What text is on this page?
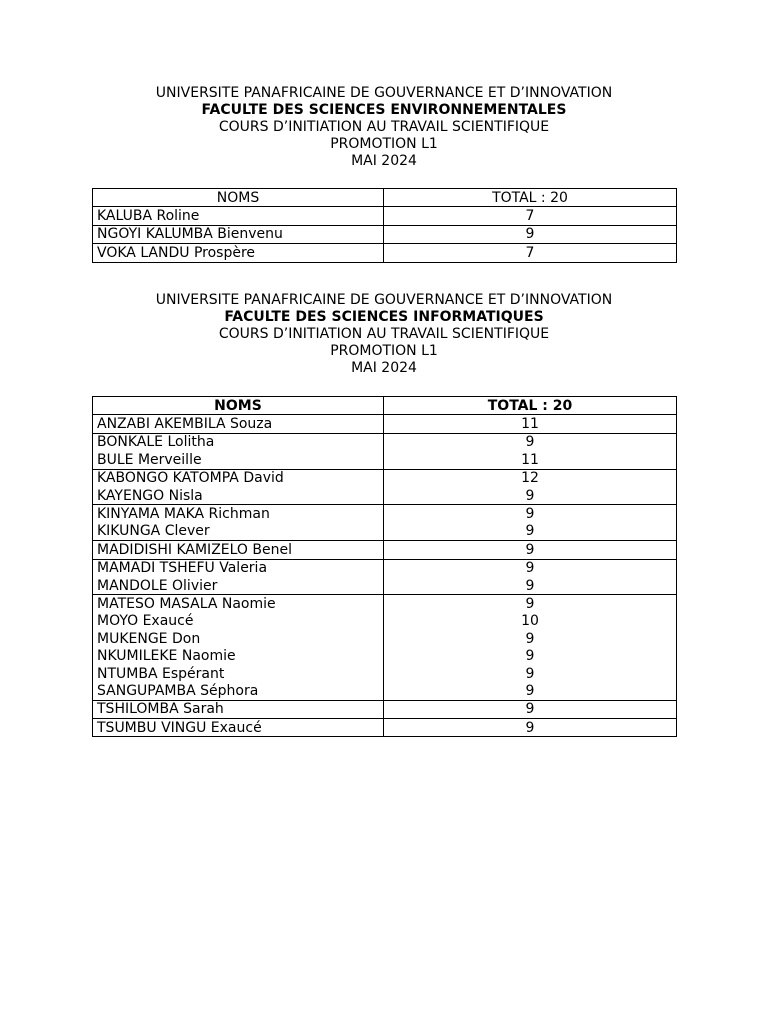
UNIVERSITE PANAFRICAINE DE GOUVERNANCE ET D’INNOVATION
FACULTE DES SCIENCES ENVIRONNEMENTALES
COURS D’INITIATION AU TRAVAIL SCIENTIFIQUE
PROMOTION L1
MAI 2024
NOMS	TOTAL : 20
KALUBA Roline	7
NGOYI KALUMBA Bienvenu	9
VOKA LANDU Prospère	7
UNIVERSITE PANAFRICAINE DE GOUVERNANCE ET D’INNOVATION
FACULTE DES SCIENCES INFORMATIQUES
COURS D’INITIATION AU TRAVAIL SCIENTIFIQUE
PROMOTION L1
MAI 2024
NOMS	TOTAL : 20
ANZABI AKEMBILA Souza	11
BONKALE Lolitha	9
BULE Merveille	11
KABONGO KATOMPA David	12
KAYENGO Nisla	9
KINYAMA MAKA Richman	9
KIKUNGA Clever	9
MADIDISHI KAMIZELO Benel	9
MAMADI TSHEFU Valeria	9
MANDOLE Olivier	9
MATESO MASALA Naomie	9
MOYO Exaucé	10
MUKENGE Don	9
NKUMILEKE Naomie	9
NTUMBA Espérant	9
SANGUPAMBA Séphora	9
TSHILOMBA Sarah	9
TSUMBU VINGU Exaucé	9
